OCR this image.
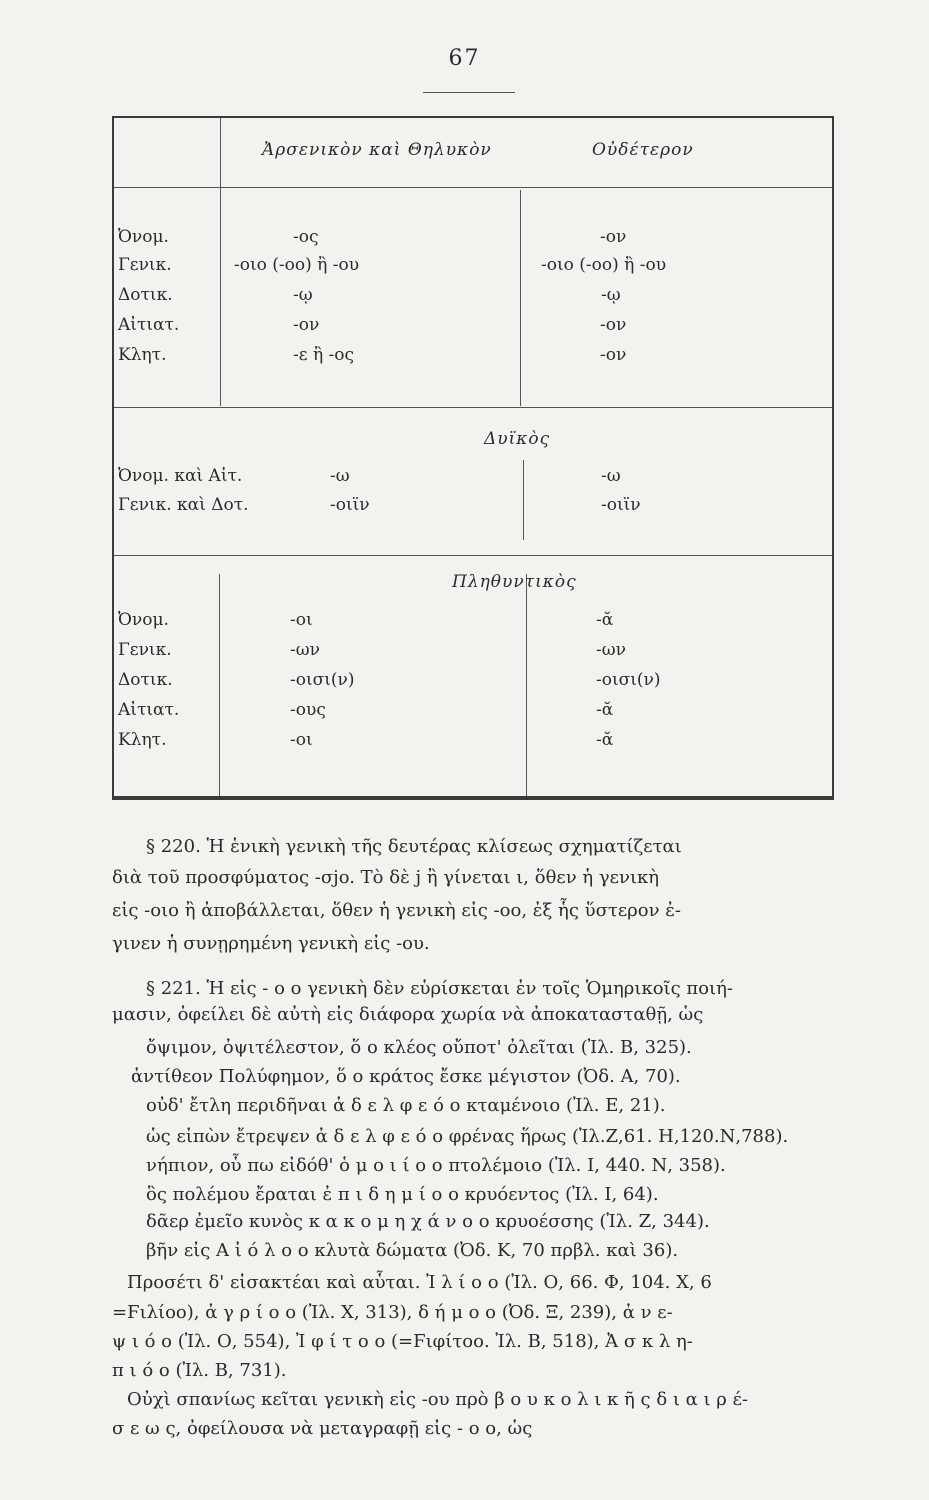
67
Ἀρσενικὸν καὶ Θηλυκὸν	Οὐδέτερον
Ὀνομ.	-ος	-ον
Γενικ.	-οιο (-οο) ἢ -ου	-οιο (-οο) ἢ -ου
Δοτικ.	-ῳ	-ῳ
Αἰτιατ.	-ον	-ον
Κλητ.	-ε ἢ -ος	-ον
Δυϊκὸς
Ὀνομ. καὶ Αἰτ.	-ω	-ω
Γενικ. καὶ Δοτ.	-οιϊν	-οιϊν
Πληθυντικὸς
Ὀνομ.	-οι	-ᾰ
Γενικ.	-ων	-ων
Δοτικ.	-οισι(ν)	-οισι(ν)
Αἰτιατ.	-ους	-ᾰ
Κλητ.	-οι	-ᾰ
§ 220. Ἡ ἑνικὴ γενικὴ τῆς δευτέρας κλίσεως σχηματίζεται
διὰ τοῦ προσφύματος -σjo. Τὸ δὲ j ἢ γίνεται ι, ὅθεν ἡ γενικὴ
εἰς -οιο ἢ ἀποβάλλεται, ὅθεν ἡ γενικὴ εἰς -οο, ἐξ ἧς ὕστερον ἐ-
γινεν ἡ συνῃρημένη γενικὴ εἰς -ου.
§ 221. Ἡ εἰς - ο ο γενικὴ δὲν εὑρίσκεται ἐν τοῖς Ὁμηρικοῖς ποιή-
μασιν, ὀφείλει δὲ αὐτὴ εἰς διάφορα χωρία νὰ ἀποκατασταθῇ, ὡς
ὄψιμον, ὀψιτέλεστον, ὅ ο κλέος οὔποτ' ὀλεῖται (Ἰλ. Β, 325).
ἀντίθεον Πολύφημον, ὅ ο κράτος ἔσκε μέγιστον (Ὀδ. Α, 70).
οὐδ' ἔτλη περιδῆναι ἀ δ ε λ φ ε ό ο κταμένοιο (Ἰλ. Ε, 21).
ὡς εἰπὼν ἔτρεψεν ἀ δ ε λ φ ε ό ο φρένας ἥρως (Ἰλ.Ζ,61. Η,120.Ν,788).
νήπιον, οὗ πω εἰδόθ' ὁ μ ο ι ί ο ο πτολέμοιο (Ἰλ. Ι, 440. Ν, 358).
ὃς πολέμου ἔραται ἐ π ι δ η μ ί ο ο κρυόεντος (Ἰλ. Ι, 64).
δᾶερ ἐμεῖο κυνὸς κ α κ ο μ η χ ά ν ο ο κρυοέσσης (Ἰλ. Ζ, 344).
βῆν εἰς Α ἰ ό λ ο ο κλυτὰ δώματα (Ὀδ. Κ, 70 πρβλ. καὶ 36).
Προσέτι δ' εἰσακτέαι καὶ αὗται. Ἰ λ ί ο ο (Ἰλ. Ο, 66. Φ, 104. Χ, 6
=Ϝιλίοο), ἀ γ ρ ί ο ο (Ἰλ. Χ, 313), δ ή μ ο ο (Ὀδ. Ξ, 239), ἀ ν ε-
ψ ι ό ο (Ἰλ. Ο, 554), Ἰ φ ί τ ο ο (=Ϝιφίτοο. Ἰλ. Β, 518), Ἀ σ κ λ η-
π ι ό ο (Ἰλ. Β, 731).
Οὐχὶ σπανίως κεῖται γενικὴ εἰς -ου πρὸ β ο υ κ ο λ ι κ ῆ ς δ ι α ι ρ έ-
σ ε ω ς, ὀφείλουσα νὰ μεταγραφῇ εἰς - ο ο, ὡς
